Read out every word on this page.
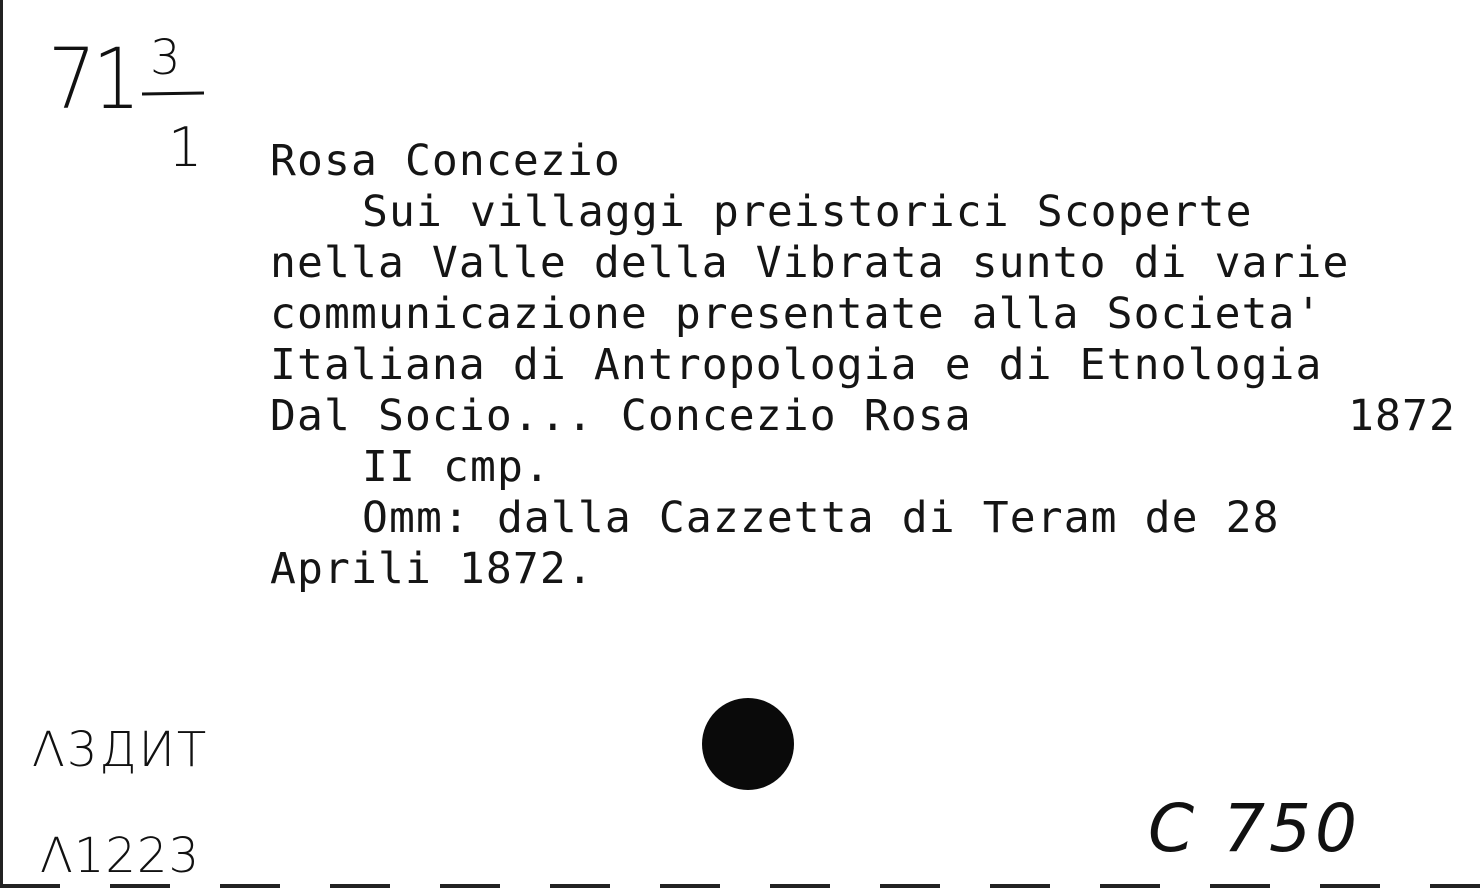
71 3
1 Rosa Concezio
Sui villaggi preistorici Scoperte
nella Valle della Vibrata sunto di varie
communicazione presentate alla Societa'
Italiana di Antropologia e di Etnologia
Dal Socio... Concezio Rosa	1872
II cmp.
Omm: dalla Cazzetta di Teram de 28
Aprili 1872.
Λ3ДИT
Λ1223	C 750
